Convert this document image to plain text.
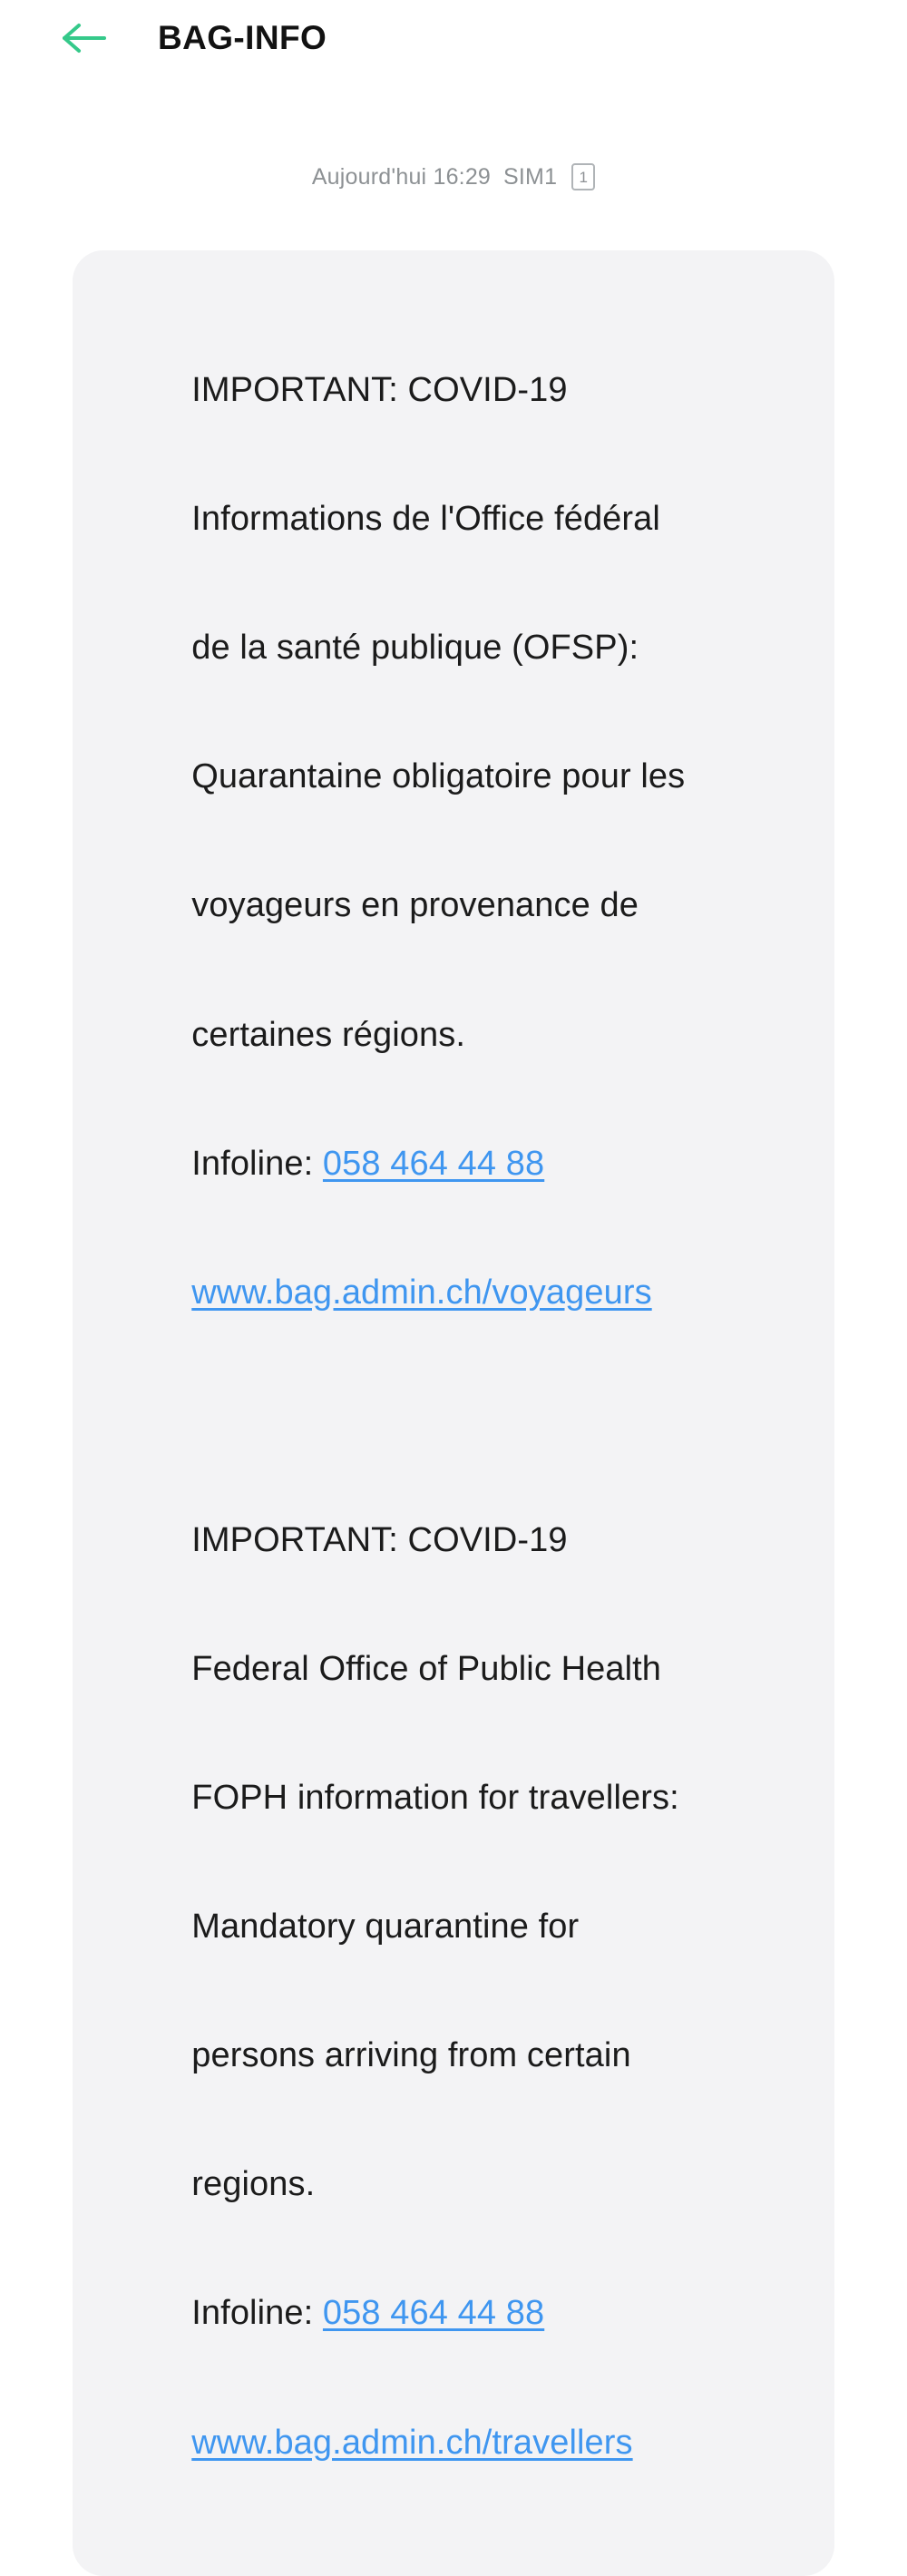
BAG-INFO
Aujourd'hui 16:29 SIM1	1

IMPORTANT: COVID-19

Informations de l'Office fédéral

de la santé publique (OFSP):

Quarantaine obligatoire pour les

voyageurs en provenance de

certaines régions.

Infoline: 058 464 44 88

www.bag.admin.ch/voyageurs

IMPORTANT: COVID-19

Federal Office of Public Health

FOPH information for travellers:

Mandatory quarantine for

persons arriving from certain

regions.

Infoline: 058 464 44 88

www.bag.admin.ch/travellers
